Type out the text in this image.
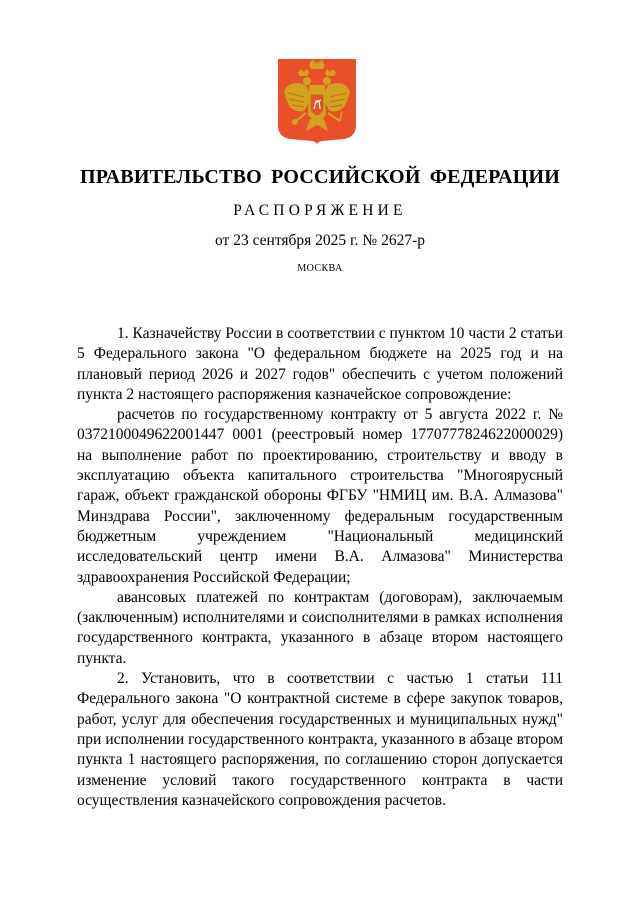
ПРАВИТЕЛЬСТВО РОССИЙСКОЙ ФЕДЕРАЦИИ
РАСПОРЯЖЕНИЕ
от 23 сентября 2025 г. № 2627-р
МОСКВА

1. Казначейству России в соответствии с пунктом 10 части 2 статьи 5 Федерального закона "О федеральном бюджете на 2025 год и на плановый период 2026 и 2027 годов" обеспечить с учетом положений пункта 2 настоящего распоряжения казначейское сопровождение:

расчетов по государственному контракту от 5 августа 2022 г. № 0372100049622001447 0001 (реестровый номер 1770777824622000029) на выполнение работ по проектированию, строительству и вводу в эксплуатацию объекта капитального строительства "Многоярусный гараж, объект гражданской обороны ФГБУ "НМИЦ им. В.А. Алмазова" Минздрава России", заключенному федеральным государственным бюджетным учреждением "Национальный медицинский исследовательский центр имени В.А. Алмазова" Министерства здравоохранения Российской Федерации;

авансовых платежей по контрактам (договорам), заключаемым (заключенным) исполнителями и соисполнителями в рамках исполнения государственного контракта, указанного в абзаце втором настоящего пункта.

2. Установить, что в соответствии с частью 1 статьи 111 Федерального закона "О контрактной системе в сфере закупок товаров, работ, услуг для обеспечения государственных и муниципальных нужд" при исполнении государственного контракта, указанного в абзаце втором пункта 1 настоящего распоряжения, по соглашению сторон допускается изменение условий такого государственного контракта в части осуществления казначейского сопровождения расчетов.
